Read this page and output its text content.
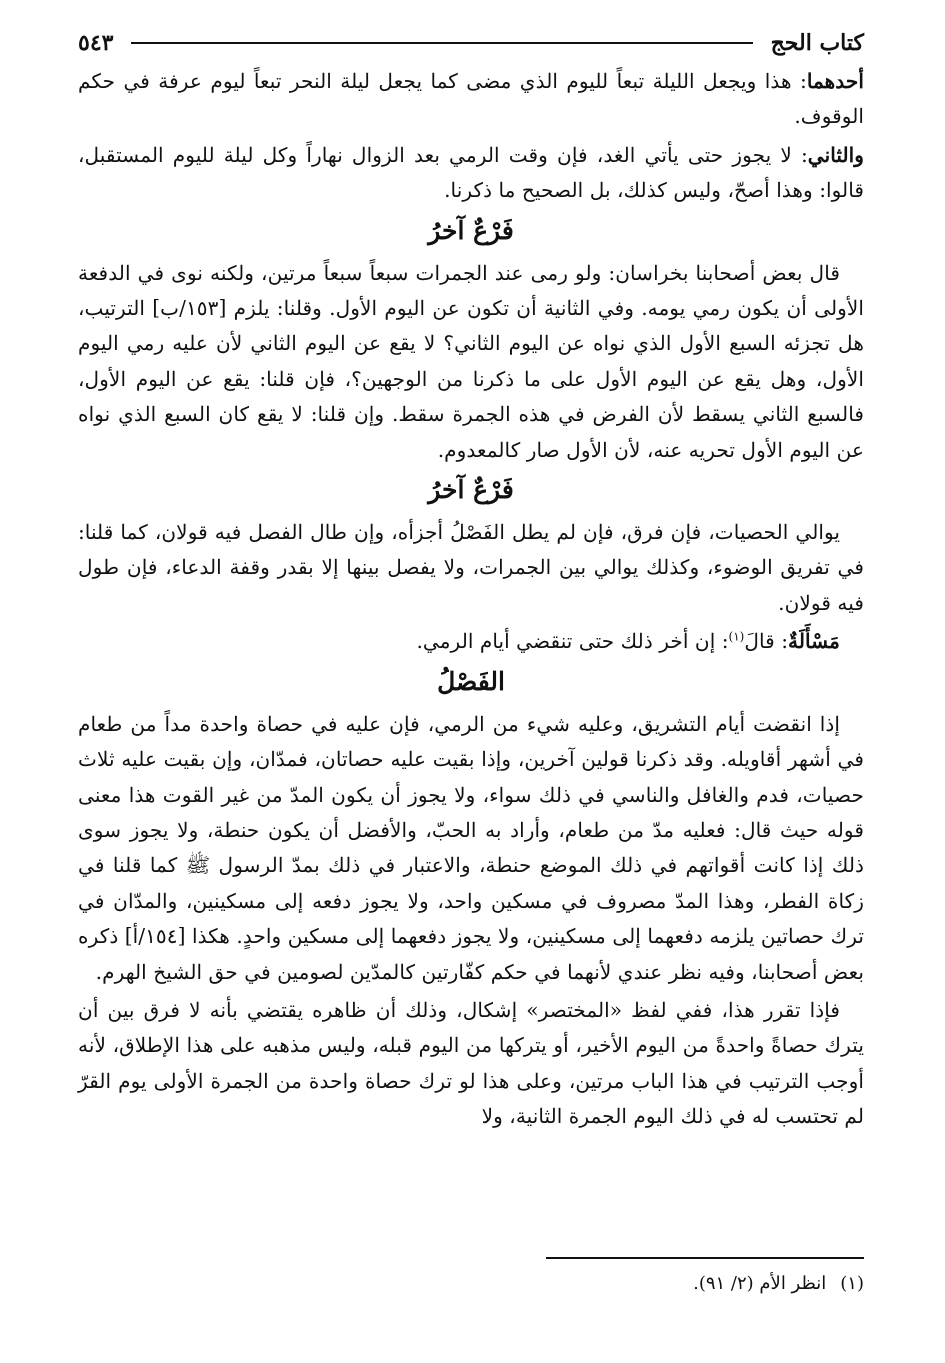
كتاب الحج
٥٤٣

أحدهما: هذا ويجعل الليلة تبعاً لليوم الذي مضى كما يجعل ليلة النحر تبعاً ليوم عرفة في حكم الوقوف.

والثاني: لا يجوز حتى يأتي الغد، فإن وقت الرمي بعد الزوال نهاراً وكل ليلة لليوم المستقبل، قالوا: وهذا أصحّ، وليس كذلك، بل الصحيح ما ذكرنا.

فَرْعٌ آخرُ

قال بعض أصحابنا بخراسان: ولو رمى عند الجمرات سبعاً سبعاً مرتين، ولكنه نوى في الدفعة الأولى أن يكون رمي يومه. وفي الثانية أن تكون عن اليوم الأول. وقلنا: يلزم [١٥٣/ب] الترتيب، هل تجزئه السبع الأول الذي نواه عن اليوم الثاني؟ لا يقع عن اليوم الثاني لأن عليه رمي اليوم الأول، وهل يقع عن اليوم الأول على ما ذكرنا من الوجهين؟، فإن قلنا: يقع عن اليوم الأول، فالسبع الثاني يسقط لأن الفرض في هذه الجمرة سقط. وإن قلنا: لا يقع كان السبع الذي نواه عن اليوم الأول تحريه عنه، لأن الأول صار كالمعدوم.

فَرْعٌ آخرُ

يوالي الحصيات، فإن فرق، فإن لم يطل الفَصْلُ أجزأه، وإن طال الفصل فيه قولان، كما قلنا: في تفريق الوضوء، وكذلك يوالي بين الجمرات، ولا يفصل بينها إلا بقدر وقفة الدعاء، فإن طول فيه قولان.

مَسْأَلَةٌ: قالَ$^{(١)}$: إن أخر ذلك حتى تنقضي أيام الرمي.

الفَصْلُ

إذا انقضت أيام التشريق، وعليه شيء من الرمي، فإن عليه في حصاة واحدة مداً من طعام في أشهر أقاويله. وقد ذكرنا قولين آخرين، وإذا بقيت عليه حصاتان، فمدّان، وإن بقيت عليه ثلاث حصيات، فدم والغافل والناسي في ذلك سواء، ولا يجوز أن يكون المدّ من غير القوت هذا معنى قوله حيث قال: فعليه مدّ من طعام، وأراد به الحبّ، والأفضل أن يكون حنطة، ولا يجوز سوى ذلك إذا كانت أقواتهم في ذلك الموضع حنطة، والاعتبار في ذلك بمدّ الرسول ﷺ كما قلنا في زكاة الفطر، وهذا المدّ مصروف في مسكين واحد، ولا يجوز دفعه إلى مسكينين، والمدّان في ترك حصاتين يلزمه دفعهما إلى مسكينين، ولا يجوز دفعهما إلى مسكين واحدٍ. هكذا [١٥٤/أ] ذكره بعض أصحابنا، وفيه نظر عندي لأنهما في حكم كفّارتين كالمدّين لصومين في حق الشيخ الهرم.

فإذا تقرر هذا، ففي لفظ «المختصر» إشكال، وذلك أن ظاهره يقتضي بأنه لا فرق بين أن يترك حصاةً واحدةً من اليوم الأخير، أو يتركها من اليوم قبله، وليس مذهبه على هذا الإطلاق، لأنه أوجب الترتيب في هذا الباب مرتين، وعلى هذا لو ترك حصاة واحدة من الجمرة الأولى يوم القرّ لم تحتسب له في ذلك اليوم الجمرة الثانية، ولا

(١)انظر الأم (٢/ ٩١).
